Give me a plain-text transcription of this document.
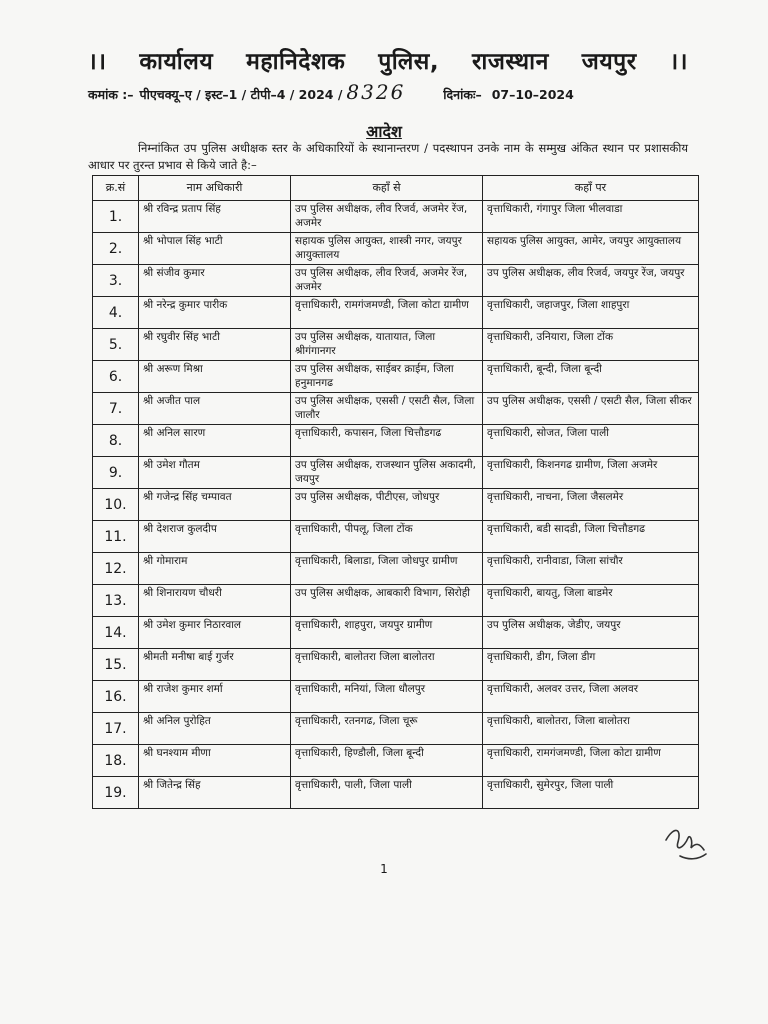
।। कार्यालय महानिदेशक पुलिस, राजस्थान जयपुर ।।
कमांक :– पीएचक्यू–ए / इस्ट–1 / टीपी–4 / 2024 / 8326	दिनांकः– 07–10–2024
आदेश
निम्नांकित उप पुलिस अधीक्षक स्तर के अधिकारियों के स्थानान्तरण / पदस्थापन उनके नाम के सम्मुख अंकित स्थान पर प्रशासकीय आधार पर तुरन्त प्रभाव से किये जाते है:–
क्र.सं	नाम अधिकारी	कहाँ से	कहाँ पर
1.	श्री रविन्द्र प्रताप सिंह	उप पुलिस अधीक्षक, लीव रिजर्व, अजमेर रेंज, अजमेर	वृत्ताधिकारी, गंगापुर जिला भीलवाडा
2.	श्री भोपाल सिंह भाटी	सहायक पुलिस आयुक्त, शास्त्री नगर, जयपुर आयुक्तालय	सहायक पुलिस आयुक्त, आमेर, जयपुर आयुक्तालय
3.	श्री संजीव कुमार	उप पुलिस अधीक्षक, लीव रिजर्व, अजमेर रेंज, अजमेर	उप पुलिस अधीक्षक, लीव रिजर्व, जयपुर रेंज, जयपुर
4.	श्री नरेन्द्र कुमार पारीक	वृत्ताधिकारी, रामगंजमण्डी, जिला कोटा ग्रामीण	वृत्ताधिकारी, जहाजपुर, जिला शाहपुरा
5.	श्री रघुवीर सिंह भाटी	उप पुलिस अधीक्षक, यातायात, जिला श्रीगंगानगर	वृत्ताधिकारी, उनियारा, जिला टोंक
6.	श्री अरूण मिश्रा	उप पुलिस अधीक्षक, साईबर क्राईम, जिला हनुमानगढ	वृत्ताधिकारी, बून्दी, जिला बून्दी
7.	श्री अजीत पाल	उप पुलिस अधीक्षक, एससी / एसटी सैल, जिला जालौर	उप पुलिस अधीक्षक, एससी / एसटी सैल, जिला सीकर
8.	श्री अनिल सारण	वृत्ताधिकारी, कपासन, जिला चित्तौडगढ	वृत्ताधिकारी, सोजत, जिला पाली
9.	श्री उमेश गौतम	उप पुलिस अधीक्षक, राजस्थान पुलिस अकादमी, जयपुर	वृत्ताधिकारी, किशनगढ ग्रामीण, जिला अजमेर
10.	श्री गजेन्द्र सिंह चम्पावत	उप पुलिस अधीक्षक, पीटीएस, जोधपुर	वृत्ताधिकारी, नाचना, जिला जैसलमेर
11.	श्री देशराज कुलदीप	वृत्ताधिकारी, पीपलू, जिला टोंक	वृत्ताधिकारी, बडी सादडी, जिला चित्तौडगढ
12.	श्री गोमाराम	वृत्ताधिकारी, बिलाडा, जिला जोधपुर ग्रामीण	वृत्ताधिकारी, रानीवाडा, जिला सांचौर
13.	श्री शिनारायण चौधरी	उप पुलिस अधीक्षक, आबकारी विभाग, सिरोही	वृत्ताधिकारी, बायतु, जिला बाडमेर
14.	श्री उमेश कुमार निठारवाल	वृत्ताधिकारी, शाहपुरा, जयपुर ग्रामीण	उप पुलिस अधीक्षक, जेडीए, जयपुर
15.	श्रीमती मनीषा बाई गुर्जर	वृत्ताधिकारी, बालोतरा जिला बालोतरा	वृत्ताधिकारी, डीग, जिला डीग
16.	श्री राजेश कुमार शर्मा	वृत्ताधिकारी, मनियां, जिला धौलपुर	वृत्ताधिकारी, अलवर उत्तर, जिला अलवर
17.	श्री अनिल पुरोहित	वृत्ताधिकारी, रतनगढ, जिला चूरू	वृत्ताधिकारी, बालोतरा, जिला बालोतरा
18.	श्री घनश्याम मीणा	वृत्ताधिकारी, हिण्डौली, जिला बून्दी	वृत्ताधिकारी, रामगंजमण्डी, जिला कोटा ग्रामीण
19.	श्री जितेन्द्र सिंह	वृत्ताधिकारी, पाली, जिला पाली	वृत्ताधिकारी, सुमेरपुर, जिला पाली
1
